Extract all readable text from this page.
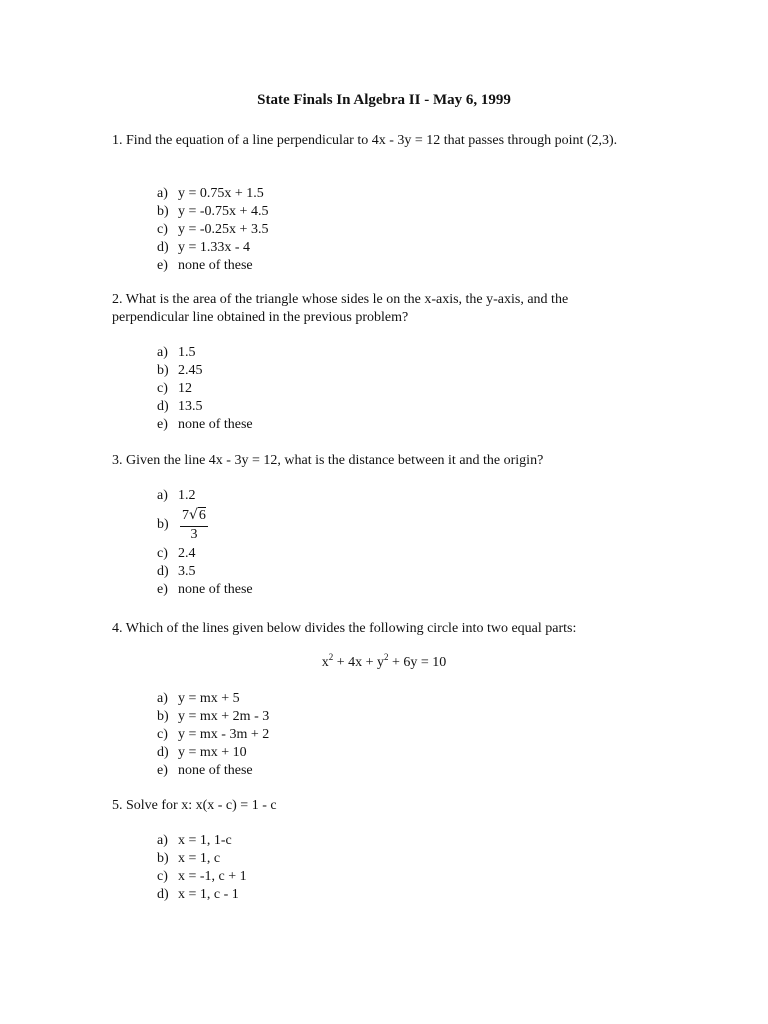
State Finals In Algebra II - May 6, 1999
1. Find the equation of a line perpendicular to 4x - 3y = 12 that passes through point (2,3).
a) y = 0.75x + 1.5
b) y = -0.75x + 4.5
c) y = -0.25x + 3.5
d) y = 1.33x - 4
e) none of these
2. What is the area of the triangle whose sides le on the x-axis, the y-axis, and the perpendicular line obtained in the previous problem?
a) 1.5
b) 2.45
c) 12
d) 13.5
e) none of these
3. Given the line 4x - 3y = 12, what is the distance between it and the origin?
a) 1.2
$b) \frac{7√6}{3}$
c) 2.4
d) 3.5
e) none of these
4. Which of the lines given below divides the following circle into two equal parts:
$x^2 + 4x + y^2 + 6y = 10$
a) y = mx + 5
b) y = mx + 2m - 3
c) y = mx - 3m + 2
d) y = mx + 10
e) none of these
5. Solve for x: x(x - c) = 1 - c
a) x = 1, 1-c
b) x = 1, c
c) x = -1, c + 1
d) x = 1, c - 1
